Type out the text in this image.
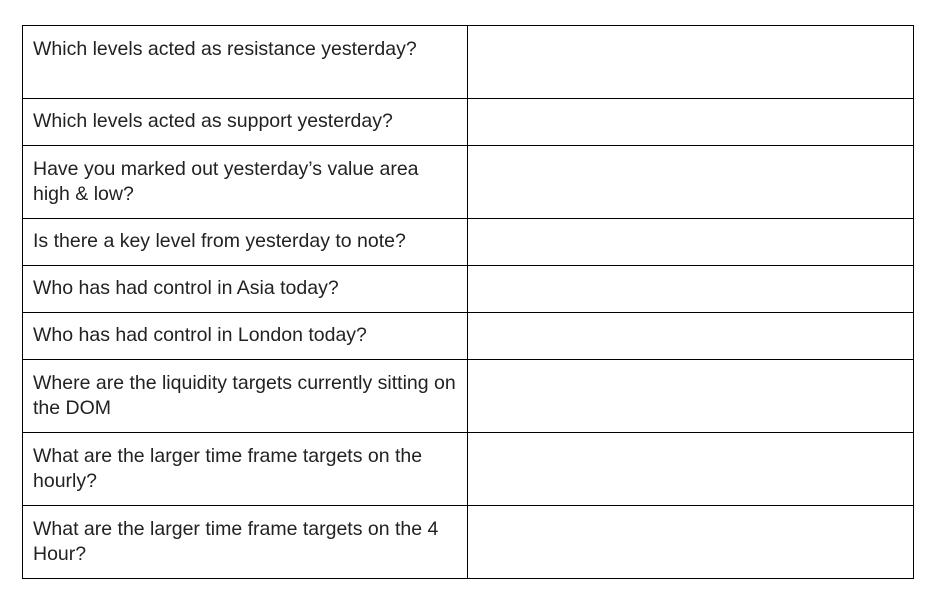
Which levels acted as resistance yesterday?	
Which levels acted as support yesterday?	
Have you marked out yesterday’s value area high & low?	
Is there a key level from yesterday to note?	
Who has had control in Asia today?	
Who has had control in London today?	
Where are the liquidity targets currently sitting on the DOM	
What are the larger time frame targets on the hourly?	
What are the larger time frame targets on the 4 Hour?	
